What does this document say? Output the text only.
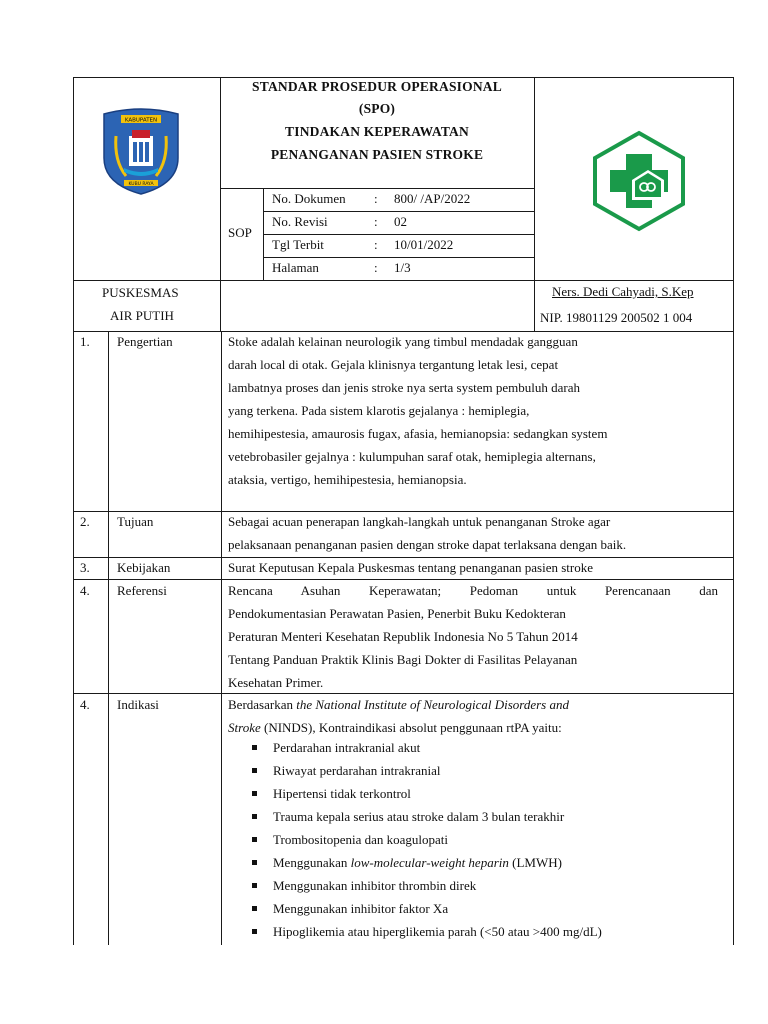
KABUPATEN
KUBU RAYA
STANDAR PROSEDUR OPERASIONAL
(SPO)
TINDAKAN KEPERAWATAN
PENANGANAN PASIEN STROKE
SOP
No. Dokumen : 800/ /AP/2022
No. Revisi	: 02
Tgl Terbit	: 10/01/2022
Halaman	: 1/3
PUSKESMAS
AIR PUTIH
Ners. Dedi Cahyadi, S.Kep
NIP. 19801129 200502 1 004
1. Pengertian	Stoke adalah kelainan neurologik yang timbul mendadak gangguan
darah local di otak. Gejala klinisnya tergantung letak lesi, cepat
lambatnya proses dan jenis stroke nya serta system pembuluh darah
yang terkena. Pada sistem klarotis gejalanya : hemiplegia,
hemihipestesia, amaurosis fugax, afasia, hemianopsia: sedangkan system
vetebrobasiler gejalnya : kulumpuhan saraf otak, hemiplegia alternans,
ataksia, vertigo, hemihipestesia, hemianopsia.
2. Tujuan	Sebagai acuan penerapan langkah-langkah untuk penanganan Stroke agar
pelaksanaan penanganan pasien dengan stroke dapat terlaksana dengan baik.
3. Kebijakan	Surat Keputusan Kepala Puskesmas tentang penanganan pasien stroke
4. Referensi	Rencana Asuhan Keperawatan; Pedoman untuk Perencanaan dan
Pendokumentasian Perawatan Pasien, Penerbit Buku Kedokteran
Peraturan Menteri Kesehatan Republik Indonesia No 5 Tahun 2014
Tentang Panduan Praktik Klinis Bagi Dokter di Fasilitas Pelayanan
Kesehatan Primer.
4. Indikasi	Berdasarkan the National Institute of Neurological Disorders and
Stroke (NINDS), Kontraindikasi absolut penggunaan rtPA yaitu:
Perdarahan intrakranial akut
Riwayat perdarahan intrakranial
Hipertensi tidak terkontrol
Trauma kepala serius atau stroke dalam 3 bulan terakhir
Trombositopenia dan koagulopati
Menggunakan low-molecular-weight heparin (LMWH)
Menggunakan inhibitor thrombin direk
Menggunakan inhibitor faktor Xa
Hipoglikemia atau hiperglikemia parah (<50 atau >400 mg/dL)
